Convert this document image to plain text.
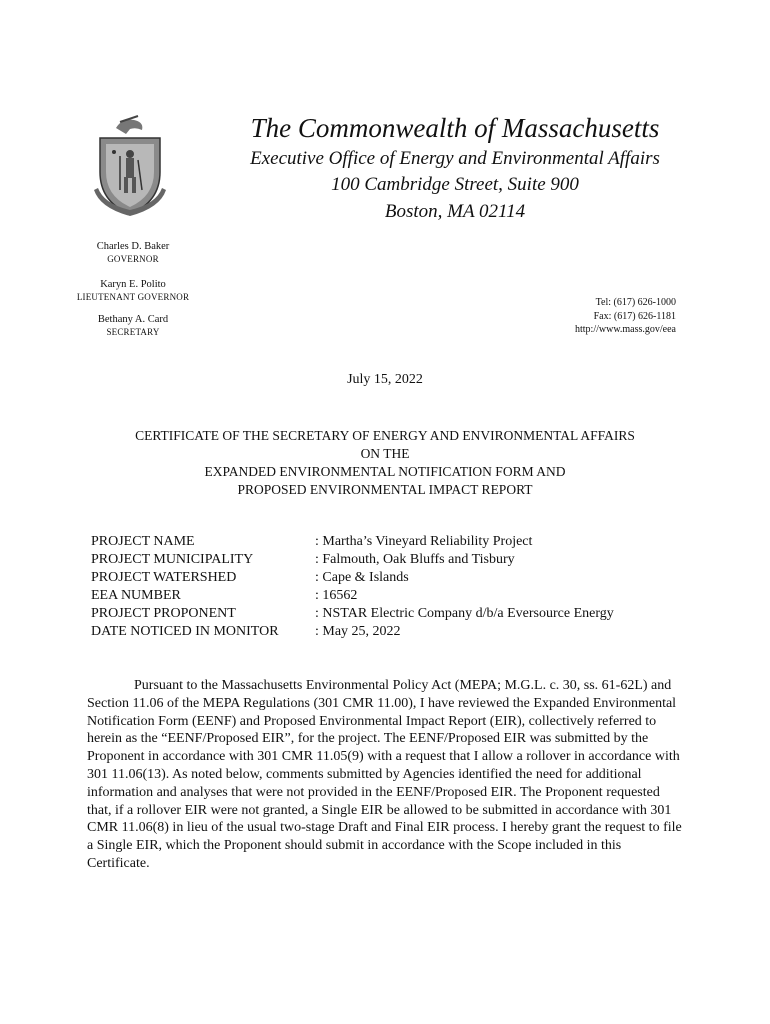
The Commonwealth of Massachusetts
Executive Office of Energy and Environmental Affairs
100 Cambridge Street, Suite 900
Boston, MA 02114
Charles D. Baker
GOVERNOR
Karyn E. Polito
LIEUTENANT GOVERNOR
Bethany A. Card
SECRETARY
Tel: (617) 626-1000
Fax: (617) 626-1181
http://www.mass.gov/eea
July 15, 2022
CERTIFICATE OF THE SECRETARY OF ENERGY AND ENVIRONMENTAL AFFAIRS
ON THE
EXPANDED ENVIRONMENTAL NOTIFICATION FORM AND
PROPOSED ENVIRONMENTAL IMPACT REPORT
PROJECT NAME	: Martha’s Vineyard Reliability Project
PROJECT MUNICIPALITY	: Falmouth, Oak Bluffs and Tisbury
PROJECT WATERSHED	: Cape & Islands
EEA NUMBER	: 16562
PROJECT PROPONENT	: NSTAR Electric Company d/b/a Eversource Energy
DATE NOTICED IN MONITOR	: May 25, 2022

Pursuant to the Massachusetts Environmental Policy Act (MEPA; M.G.L. c. 30, ss. 61-62L) and Section 11.06 of the MEPA Regulations (301 CMR 11.00), I have reviewed the Expanded Environmental Notification Form (EENF) and Proposed Environmental Impact Report (EIR), collectively referred to herein as the “EENF/Proposed EIR”, for the project. The EENF/Proposed EIR was submitted by the Proponent in accordance with 301 CMR 11.05(9) with a request that I allow a rollover in accordance with 301 11.06(13). As noted below, comments submitted by Agencies identified the need for additional information and analyses that were not provided in the EENF/Proposed EIR. The Proponent requested that, if a rollover EIR were not granted, a Single EIR be allowed to be submitted in accordance with 301 CMR 11.06(8) in lieu of the usual two-stage Draft and Final EIR process. I hereby grant the request to file a Single EIR, which the Proponent should submit in accordance with the Scope included in this Certificate.
